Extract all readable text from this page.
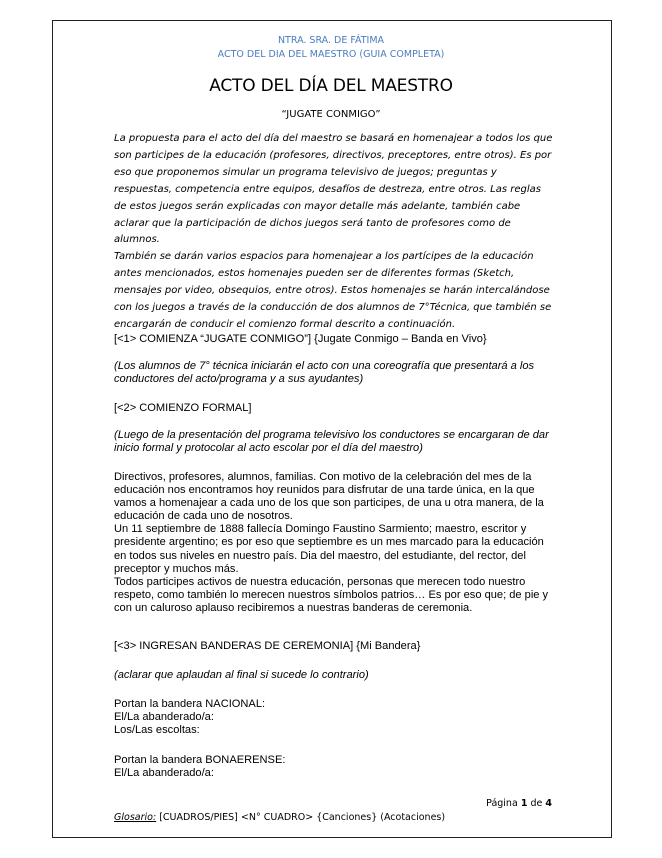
NTRA. SRA. DE FÁTIMA
ACTO DEL DIA DEL MAESTRO (GUIA COMPLETA)
ACTO DEL DÍA DEL MAESTRO
“JUGATE CONMIGO”

La propuesta para el acto del día del maestro se basará en homenajear a todos los que son participes de la educación (profesores, directivos, preceptores, entre otros). Es por eso que proponemos simular un programa televisivo de juegos; preguntas y respuestas, competencia entre equipos, desafíos de destreza, entre otros. Las reglas de estos juegos serán explicadas con mayor detalle más adelante, también cabe aclarar que la participación de dichos juegos será tanto de profesores como de alumnos.

También se darán varios espacios para homenajear a los partícipes de la educación antes mencionados, estos homenajes pueden ser de diferentes formas (Sketch, mensajes por video, obsequios, entre otros). Estos homenajes se harán intercalándose con los juegos a través de la conducción de dos alumnos de 7°Técnica, que también se encargarán de conducir el comienzo formal descrito a continuación.

[<1> COMIENZA “JUGATE CONMIGO”] {Jugate Conmigo – Banda en Vivo}
(Los alumnos de 7° técnica iniciarán el acto con una coreografía que presentará a los conductores del acto/programa y a sus ayudantes)
[<2> COMIENZO FORMAL]
(Luego de la presentación del programa televisivo los conductores se encargaran de dar inicio formal y protocolar al acto escolar por el día del maestro)

Directivos, profesores, alumnos, familias. Con motivo de la celebración del mes de la educación nos encontramos hoy reunidos para disfrutar de una tarde única, en la que vamos a homenajear a cada uno de los que son participes, de una u otra manera, de la educación de cada uno de nosotros.

Un 11 septiembre de 1888 fallecía Domingo Faustino Sarmiento; maestro, escritor y presidente argentino; es por eso que septiembre es un mes marcado para la educación en todos sus niveles en nuestro país. Dia del maestro, del estudiante, del rector, del preceptor y muchos más.

Todos participes activos de nuestra educación, personas que merecen todo nuestro respeto, como también lo merecen nuestros símbolos patrios… Es por eso que; de pie y con un caluroso aplauso recibiremos a nuestras banderas de ceremonia.

[<3> INGRESAN BANDERAS DE CEREMONIA] {Mi Bandera}
(aclarar que aplaudan al final si sucede lo contrario)

Portan la bandera NACIONAL:

El/La abanderado/a:

Los/Las escoltas:

Portan la bandera BONAERENSE:

El/La abanderado/a:

Página 1 de 4
Glosario: [CUADROS/PIES] <N° CUADRO> {Canciones} (Acotaciones)
